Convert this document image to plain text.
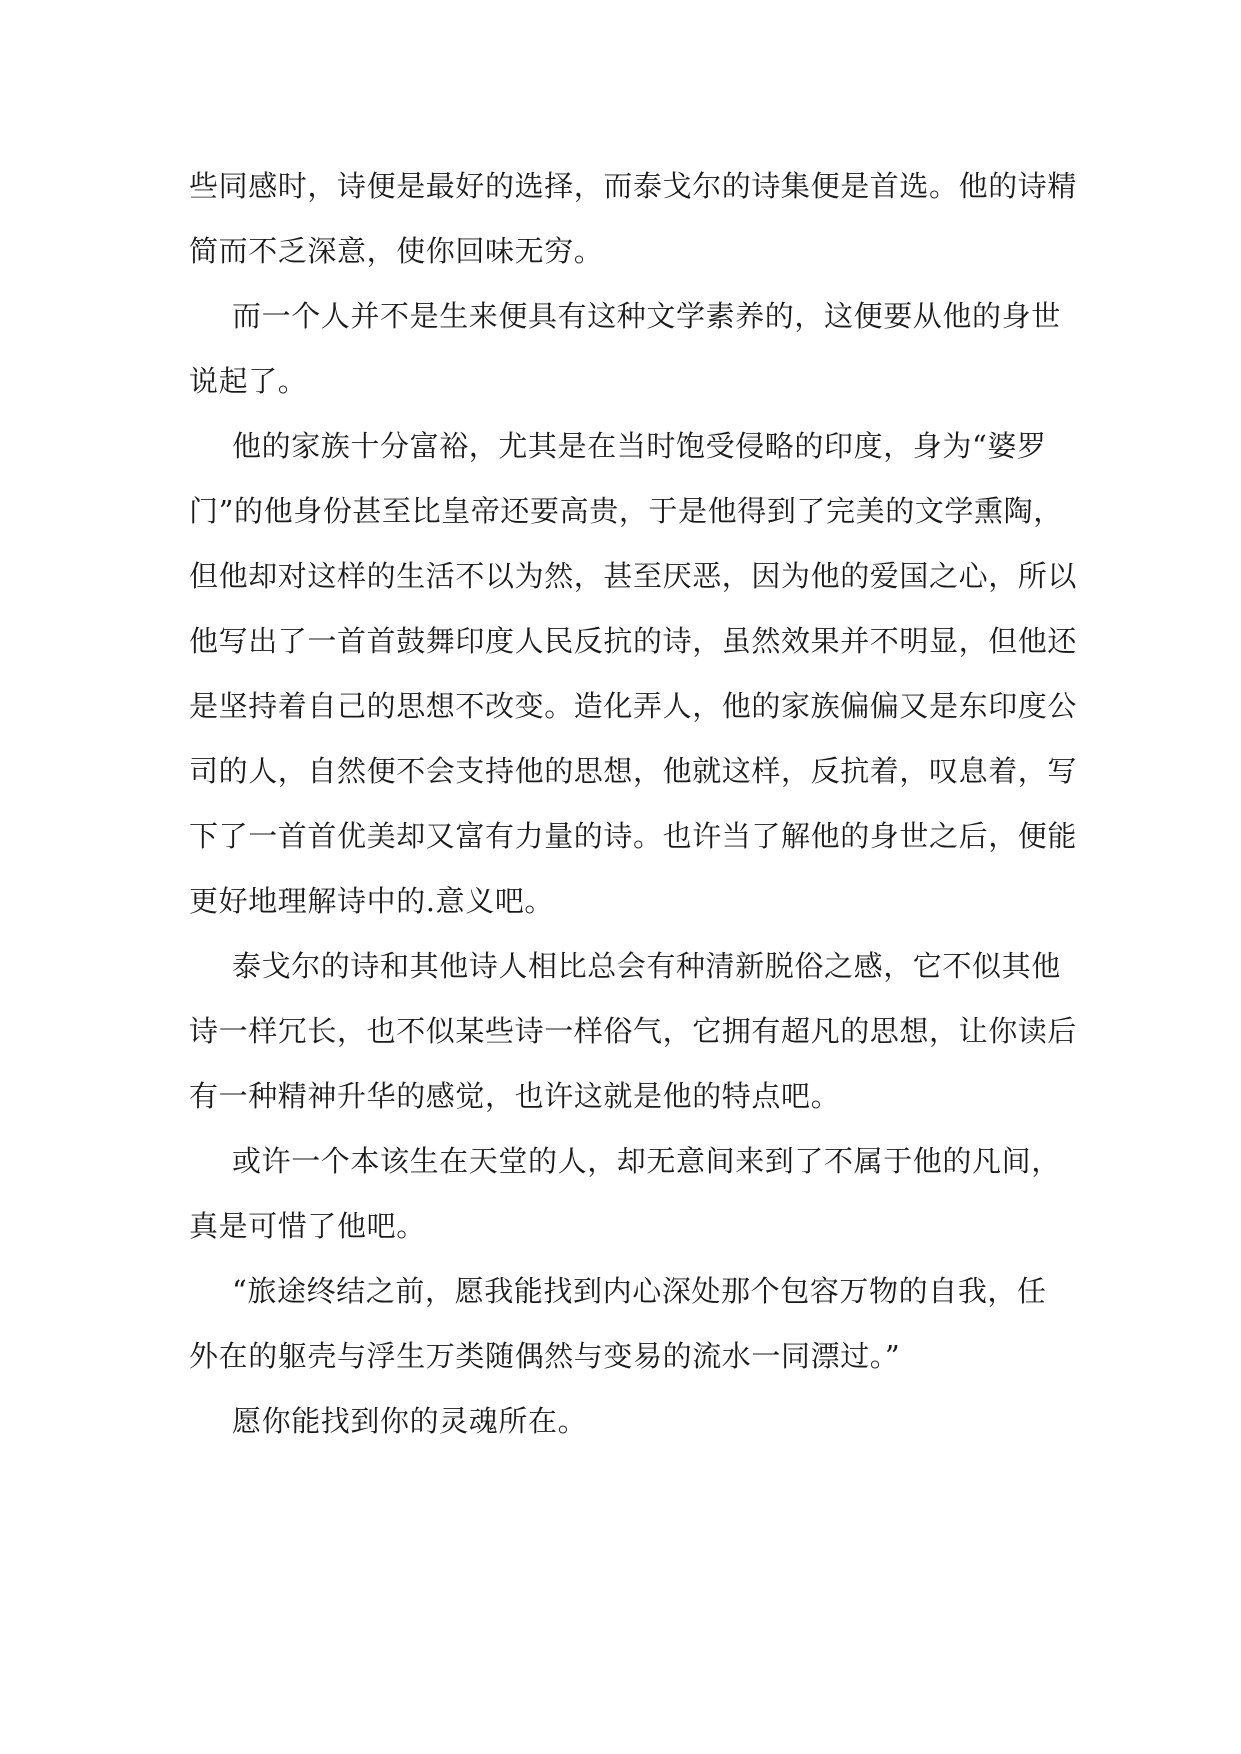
些同感时，诗便是最好的选择，而泰戈尔的诗集便是首选。他的诗精

简而不乏深意，使你回味无穷。

而一个人并不是生来便具有这种文学素养的，这便要从他的身世

说起了。

他的家族十分富裕，尤其是在当时饱受侵略的印度，身为“婆罗

门”的他身份甚至比皇帝还要高贵，于是他得到了完美的文学熏陶，

但他却对这样的生活不以为然，甚至厌恶，因为他的爱国之心，所以

他写出了一首首鼓舞印度人民反抗的诗，虽然效果并不明显，但他还

是坚持着自己的思想不改变。造化弄人，他的家族偏偏又是东印度公

司的人，自然便不会支持他的思想，他就这样，反抗着，叹息着，写

下了一首首优美却又富有力量的诗。也许当了解他的身世之后，便能

更好地理解诗中的.意义吧。

泰戈尔的诗和其他诗人相比总会有种清新脱俗之感，它不似其他

诗一样冗长，也不似某些诗一样俗气，它拥有超凡的思想，让你读后

有一种精神升华的感觉，也许这就是他的特点吧。

或许一个本该生在天堂的人，却无意间来到了不属于他的凡间，

真是可惜了他吧。

“旅途终结之前，愿我能找到内心深处那个包容万物的自我，任

外在的躯壳与浮生万类随偶然与变易的流水一同漂过。”

愿你能找到你的灵魂所在。
